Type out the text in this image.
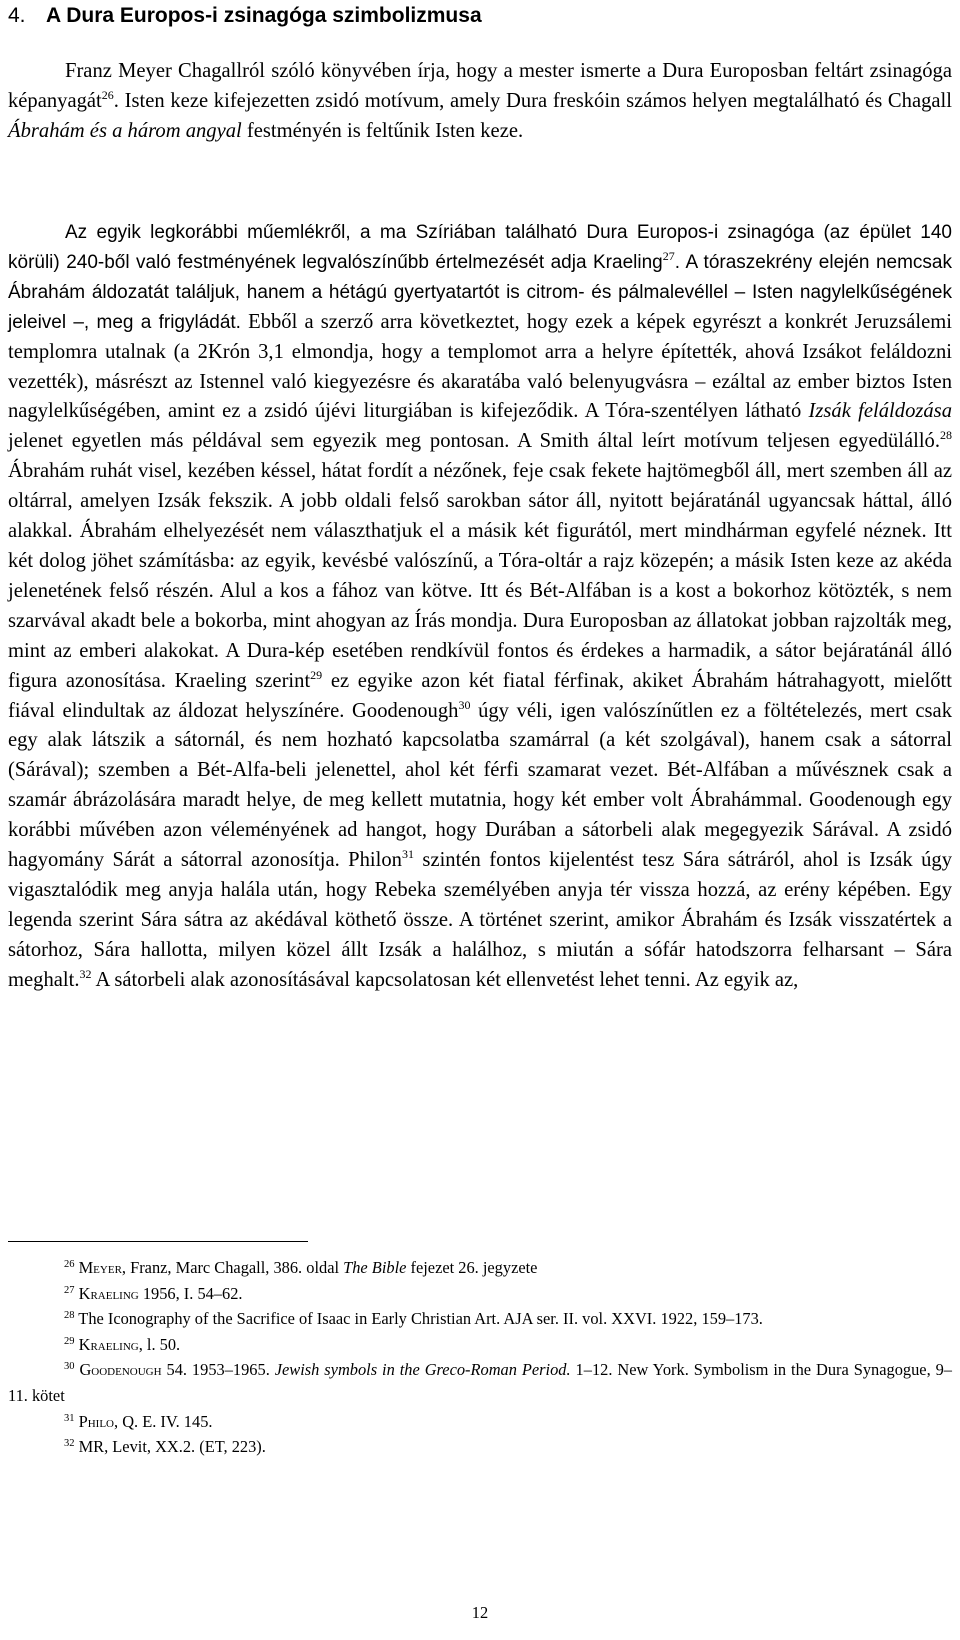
4. A Dura Europos-i zsinagóga szimbolizmusa

Franz Meyer Chagallról szóló könyvében írja, hogy a mester ismerte a Dura Europosban feltárt zsinagóga képanyagát$^{26}$. Isten keze kifejezetten zsidó motívum, amely Dura freskóin számos helyen megtalálható és Chagall Ábrahám és a három angyal festményén is feltűnik Isten keze.

Az egyik legkorábbi műemlékről, a ma Szíriában található Dura Europos-i zsinagóga (az épület 140 körüli) 240-ből való festményének legvalószínűbb értelmezését adja Kraeling$^{27}$. A tóraszekrény elején nemcsak Ábrahám áldozatát találjuk, hanem a hétágú gyertyatartót is citrom- és pálmalevéllel – Isten nagylelkűségének jeleivel –, meg a frigyládát. Ebből a szerző arra következtet, hogy ezek a képek egyrészt a konkrét Jeruzsálemi templomra utalnak (a 2Krón 3,1 elmondja, hogy a templomot arra a helyre építették, ahová Izsákot feláldozni vezették), másrészt az Istennel való kiegyezésre és akaratába való belenyugvásra – ezáltal az ember biztos Isten nagylelkűségében, amint ez a zsidó újévi liturgiában is kifejeződik. A Tóra-szentélyen látható Izsák feláldozása jelenet egyetlen más példával sem egyezik meg pontosan. A Smith által leírt motívum teljesen egyedülálló.$^{28}$ Ábrahám ruhát visel, kezében késsel, hátat fordít a nézőnek, feje csak fekete hajtömegből áll, mert szemben áll az oltárral, amelyen Izsák fekszik. A jobb oldali felső sarokban sátor áll, nyitott bejáratánál ugyancsak háttal, álló alakkal. Ábrahám elhelyezését nem választhatjuk el a másik két figurától, mert mindhárman egyfelé néznek. Itt két dolog jöhet számításba: az egyik, kevésbé valószínű, a Tóra-oltár a rajz közepén; a másik Isten keze az akéda jelenetének felső részén. Alul a kos a fához van kötve. Itt és Bét-Alfában is a kost a bokorhoz kötözték, s nem szarvával akadt bele a bokorba, mint ahogyan az Írás mondja. Dura Europosban az állatokat jobban rajzolták meg, mint az emberi alakokat. A Dura-kép esetében rendkívül fontos és érdekes a harmadik, a sátor bejáratánál álló figura azonosítása. Kraeling szerint$^{29}$ ez egyike azon két fiatal férfinak, akiket Ábrahám hátrahagyott, mielőtt fiával elindultak az áldozat helyszínére. Goodenough$^{30}$ úgy véli, igen valószínűtlen ez a föltételezés, mert csak egy alak látszik a sátornál, és nem hozható kapcsolatba szamárral (a két szolgával), hanem csak a sátorral (Sárával); szemben a Bét-Alfa-beli jelenettel, ahol két férfi szamarat vezet. Bét-Alfában a művésznek csak a szamár ábrázolására maradt helye, de meg kellett mutatnia, hogy két ember volt Ábrahámmal. Goodenough egy korábbi művében azon véleményének ad hangot, hogy Durában a sátorbeli alak megegyezik Sárával. A zsidó hagyomány Sárát a sátorral azonosítja. Philon$^{31}$ szintén fontos kijelentést tesz Sára sátráról, ahol is Izsák úgy vigasztalódik meg anyja halála után, hogy Rebeka személyében anyja tér vissza hozzá, az erény képében. Egy legenda szerint Sára sátra az akédával köthető össze. A történet szerint, amikor Ábrahám és Izsák visszatértek a sátorhoz, Sára hallotta, milyen közel állt Izsák a halálhoz, s miután a sófár hatodszorra felharsant – Sára meghalt.$^{32}$ A sátorbeli alak azonosításával kapcsolatosan két ellenvetést lehet tenni. Az egyik az,

$^{26}$ Meyer, Franz, Marc Chagall, 386. oldal The Bible fejezet 26. jegyzete
$^{27}$ Kraeling 1956, I. 54–62.
$^{28}$ The Iconography of the Sacrifice of Isaac in Early Christian Art. AJA ser. II. vol. XXVI. 1922, 159–173.
$^{29}$ Kraeling, l. 50.
$^{30}$ Goodenough 54. 1953–1965. Jewish symbols in the Greco-Roman Period. 1–12. New York. Symbolism in the Dura Synagogue, 9–11. kötet
$^{31}$ Philo, Q. E. IV. 145.
$^{32}$ MR, Levit, XX.2. (ET, 223).
12
